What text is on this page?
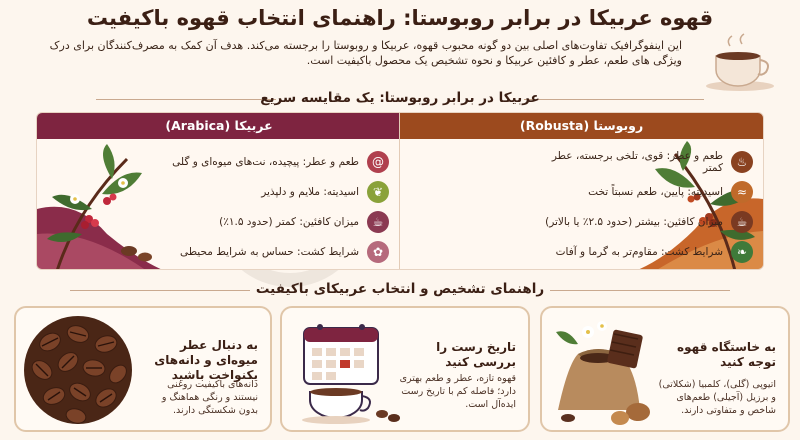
قهوه عربیکا در برابر روبوستا: راهنمای انتخاب قهوه باکیفیت
این اینفوگرافیک تفاوت‌های اصلی بین دو گونه محبوب قهوه، عربیکا و روبوستا را برجسته می‌کند. هدف آن کمک به مصرف‌کنندگان برای درک ویژگی های طعم، عطر و کافئین عربیکا و نحوه تشخیص یک محصول باکیفیت است.
عربیکا در برابر روبوستا: یک مقایسه سریع
عربیکا (Arabica)
@
طعم و عطر: پیچیده، نت‌های میوه‌ای و گلی
❦
اسیدیته: ملایم و دلپذیر
☕
میزان کافئین: کمتر (حدود ۱.۵٪)
✿
شرایط کشت: حساس به شرایط محیطی
روبوستا (Robusta)
♨
طعم و عطر: قوی، تلخی برجسته، عطر کمتر
≈
اسیدیته: پایین، طعم نسبتاً تخت
☕
میزان کافئین: بیشتر (حدود ۲.۵٪ یا بالاتر)
❧
شرایط کشت: مقاوم‌تر به گرما و آفات
راهنمای تشخیص و انتخاب عربیکای باکیفیت
به خاستگاه قهوه توجه کنید
اتیوپی (گلی)، کلمبیا (شکلاتی) و برزیل (آجیلی) طعم‌های شاخص و متفاوتی دارند.
تاریخ رست را بررسی کنید
قهوه تازه، عطر و طعم بهتری دارد؛ فاصله کم با تاریخ رست ایده‌آل است.
به دنبال عطر میوه‌ای و دانه‌های یکنواخت باشید
دانه‌های باکیفیت روغنی نیستند و رنگی هماهنگ و بدون شکستگی دارند.
